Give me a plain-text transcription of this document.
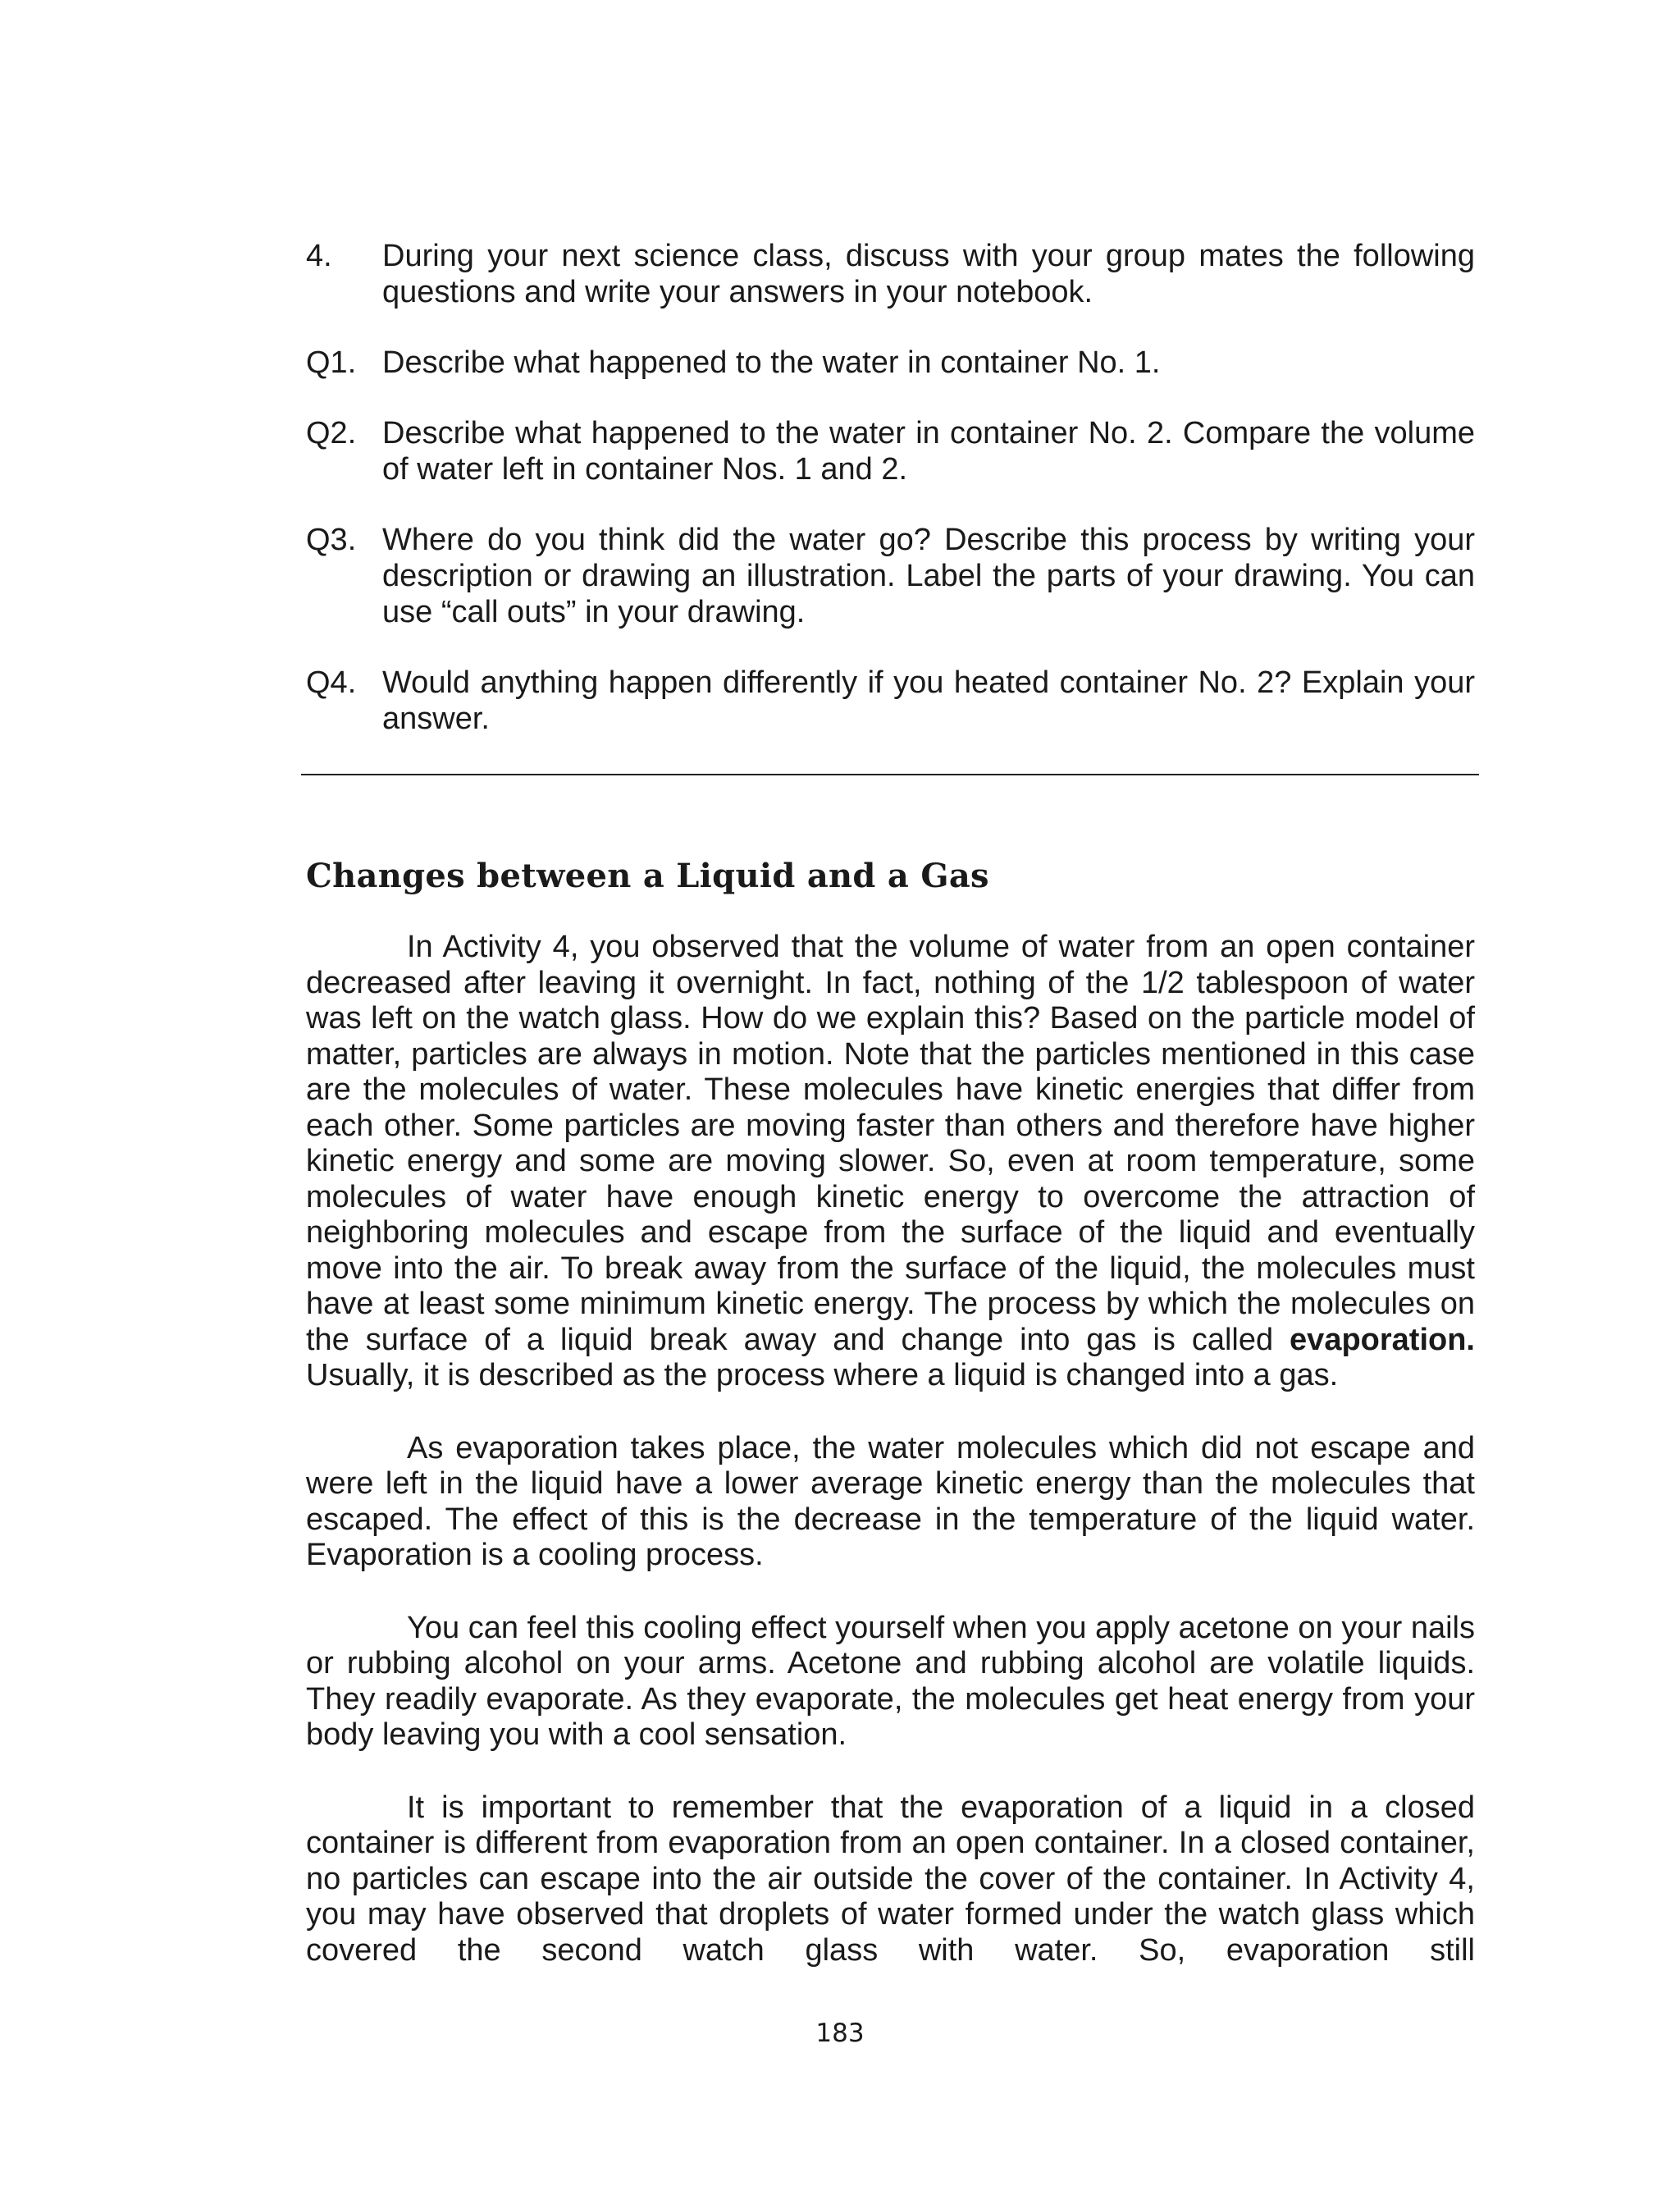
4.	During your next science class, discuss with your group mates the following questions and write your answers in your notebook.
Q1. Describe what happened to the water in container No. 1.
Q2. Describe what happened to the water in container No. 2. Compare the volume of water left in container Nos. 1 and 2.
Q3. Where do you think did the water go? Describe this process by writing your description or drawing an illustration. Label the parts of your drawing. You can use “call outs” in your drawing.
Q4. Would anything happen differently if you heated container No. 2? Explain your answer.
Changes between a Liquid and a Gas

In Activity 4, you observed that the volume of water from an open container decreased after leaving it overnight. In fact, nothing of the 1/2 tablespoon of water was left on the watch glass. How do we explain this? Based on the particle model of matter, particles are always in motion. Note that the particles mentioned in this case are the molecules of water. These molecules have kinetic energies that differ from each other. Some particles are moving faster than others and therefore have higher kinetic energy and some are moving slower. So, even at room temperature, some molecules of water have enough kinetic energy to overcome the attraction of neighboring molecules and escape from the surface of the liquid and eventually move into the air. To break away from the surface of the liquid, the molecules must have at least some minimum kinetic energy. The process by which the molecules on the surface of a liquid break away and change into gas is called evaporation. Usually, it is described as the process where a liquid is changed into a gas.

As evaporation takes place, the water molecules which did not escape and were left in the liquid have a lower average kinetic energy than the molecules that escaped. The effect of this is the decrease in the temperature of the liquid water. Evaporation is a cooling process.

You can feel this cooling effect yourself when you apply acetone on your nails or rubbing alcohol on your arms. Acetone and rubbing alcohol are volatile liquids. They readily evaporate. As they evaporate, the molecules get heat energy from your body leaving you with a cool sensation.

It is important to remember that the evaporation of a liquid in a closed container is different from evaporation from an open container. In a closed container, no particles can escape into the air outside the cover of the container. In Activity 4, you may have observed that droplets of water formed under the watch glass which covered the second watch glass with water. So, evaporation still

183
